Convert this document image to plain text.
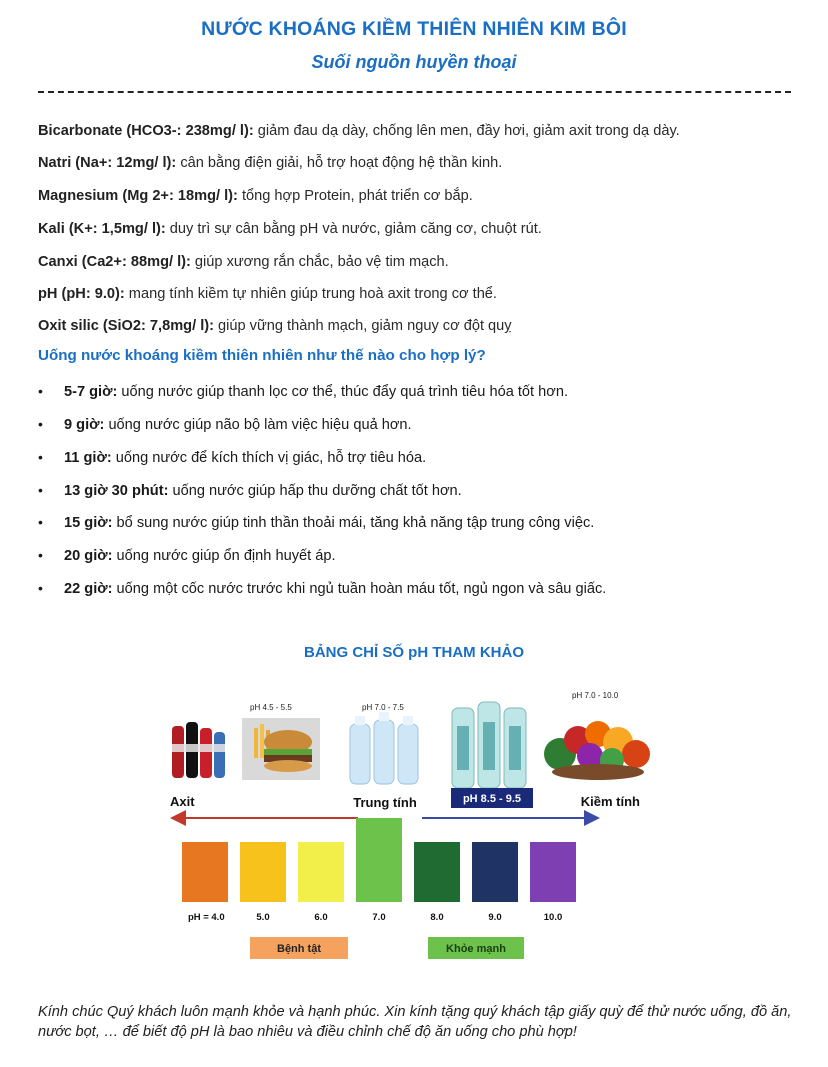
NƯỚC KHOÁNG KIỀM THIÊN NHIÊN KIM BÔI
Suối nguồn huyền thoại
Bicarbonate (HCO3-: 238mg/ l): giảm đau dạ dày, chống lên men, đầy hơi, giảm axit trong dạ dày.
Natri (Na+: 12mg/ l): cân bằng điện giải, hỗ trợ hoạt động hệ thần kinh.
Magnesium (Mg 2+: 18mg/ l): tổng hợp Protein, phát triển cơ bắp.
Kali (K+: 1,5mg/ l): duy trì sự cân bằng pH và nước, giảm căng cơ, chuột rút.
Canxi (Ca2+: 88mg/ l): giúp xương rắn chắc, bảo vệ tim mạch.
pH (pH: 9.0): mang tính kiềm tự nhiên giúp trung hoà axit trong cơ thể.
Oxit silic (SiO2: 7,8mg/ l): giúp vững thành mạch, giảm nguy cơ đột quỵ
Uống nước khoáng kiềm thiên nhiên như thế nào cho hợp lý?
• 5-7 giờ: uống nước giúp thanh lọc cơ thể, thúc đẩy quá trình tiêu hóa tốt hơn.
• 9 giờ: uống nước giúp não bộ làm việc hiệu quả hơn.
• 11 giờ: uống nước để kích thích vị giác, hỗ trợ tiêu hóa.
• 13 giờ 30 phút: uống nước giúp hấp thu dưỡng chất tốt hơn.
• 15 giờ: bổ sung nước giúp tinh thần thoải mái, tăng khả năng tập trung công việc.
• 20 giờ: uống nước giúp ổn định huyết áp.
• 22 giờ: uống một cốc nước trước khi ngủ tuần hoàn máu tốt, ngủ ngon và sâu giấc.
BẢNG CHỈ SỐ pH THAM KHẢO
pH 4.5 - 5.5	pH 7.0 - 7.5
pH 7.0 - 10.0
pH 8.5 - 9.5
Axit	Trung tính	Kiềm tính
4.0	5.0	6.0	7.0	8.0	9.0	10.0
pH =
Bệnh tật	Khỏe mạnh
Kính chúc Quý khách luôn mạnh khỏe và hạnh phúc. Xin kính tặng quý khách tập giấy quỳ để thử nước uống, đồ ăn, nước bọt, … để biết độ pH là bao nhiêu và điều chỉnh chế độ ăn uống cho phù hợp!
